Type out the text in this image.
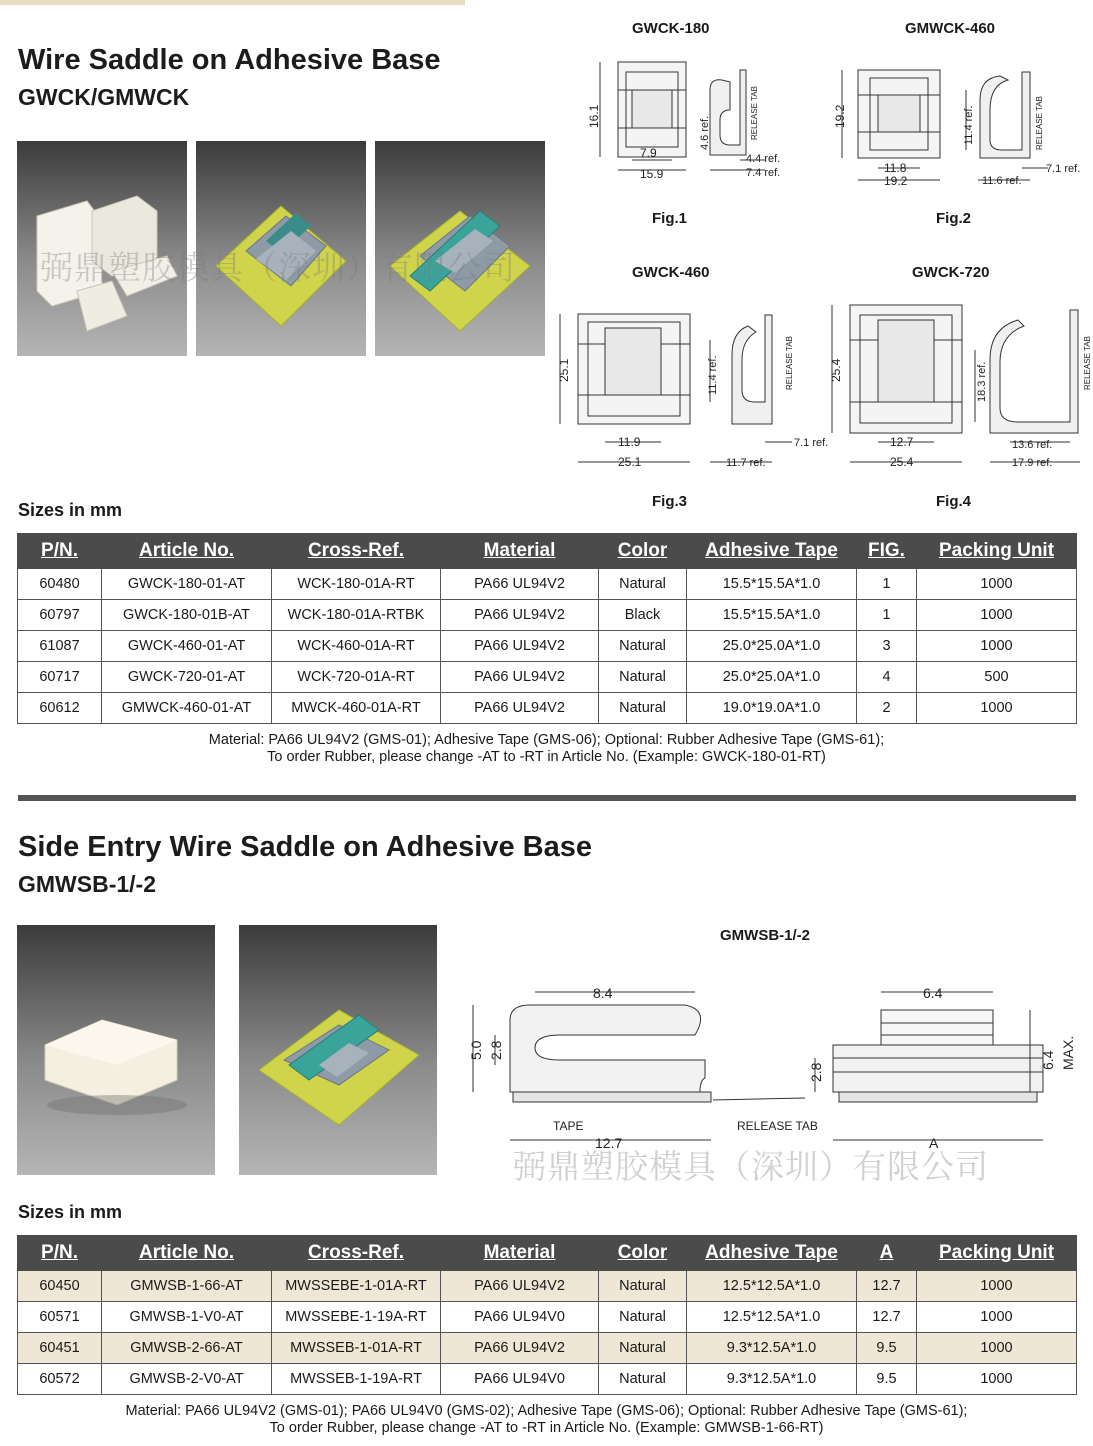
Wire Saddle on Adhesive Base
GWCK/GMWCK
GWCK-180
16.1
7.9
15.9
4.6 ref.
4.4 ref.
7.4 ref.
RELEASE TAB
Fig.1
GMWCK-460
19.2
11.8
19.2
11.4 ref.
7.1 ref.
11.6 ref.
RELEASE TAB
Fig.2
GWCK-460
25.1
11.9
25.1
11.4 ref.
7.1 ref.
11.7 ref.
RELEASE TAB
Fig.3
GWCK-720
25.4
12.7
25.4
18.3 ref.
13.6 ref.
17.9 ref.
RELEASE TAB
Fig.4
弼鼎塑胶模具（深圳）有限公司
Sizes in mm
P/N.	Article No.	Cross-Ref.	Material	Color	Adhesive Tape	FIG.	Packing Unit
60480	GWCK-180-01-AT	WCK-180-01A-RT	PA66 UL94V2	Natural	15.5*15.5A*1.0	1	1000
60797	GWCK-180-01B-AT	WCK-180-01A-RTBK	PA66 UL94V2	Black	15.5*15.5A*1.0	1	1000
61087	GWCK-460-01-AT	WCK-460-01A-RT	PA66 UL94V2	Natural	25.0*25.0A*1.0	3	1000
60717	GWCK-720-01-AT	WCK-720-01A-RT	PA66 UL94V2	Natural	25.0*25.0A*1.0	4	500
60612	GMWCK-460-01-AT	MWCK-460-01A-RT	PA66 UL94V2	Natural	19.0*19.0A*1.0	2	1000
Material: PA66 UL94V2 (GMS-01); Adhesive Tape (GMS-06); Optional: Rubber Adhesive Tape (GMS-61);
To order Rubber, please change -AT to -RT in Article No. (Example: GWCK-180-01-RT)
Side Entry Wire Saddle on Adhesive Base
GMWSB-1/-2
GMWSB-1/-2
8.4
5.0 2.8
TAPE	RELEASE TAB
12.7
6.4
2.8
6.4 MAX.
A
弼鼎塑胶模具（深圳）有限公司
Sizes in mm
P/N.	Article No.	Cross-Ref.	Material	Color	Adhesive Tape	A	Packing Unit
60450	GMWSB-1-66-AT	MWSSEBE-1-01A-RT	PA66 UL94V2	Natural	12.5*12.5A*1.0	12.7	1000
60571	GMWSB-1-V0-AT	MWSSEBE-1-19A-RT	PA66 UL94V0	Natural	12.5*12.5A*1.0	12.7	1000
60451	GMWSB-2-66-AT	MWSSEB-1-01A-RT	PA66 UL94V2	Natural	9.3*12.5A*1.0	9.5	1000
60572	GMWSB-2-V0-AT	MWSSEB-1-19A-RT	PA66 UL94V0	Natural	9.3*12.5A*1.0	9.5	1000
Material: PA66 UL94V2 (GMS-01); PA66 UL94V0 (GMS-02); Adhesive Tape (GMS-06); Optional: Rubber Adhesive Tape (GMS-61);
To order Rubber, please change -AT to -RT in Article No. (Example: GMWSB-1-66-RT)
